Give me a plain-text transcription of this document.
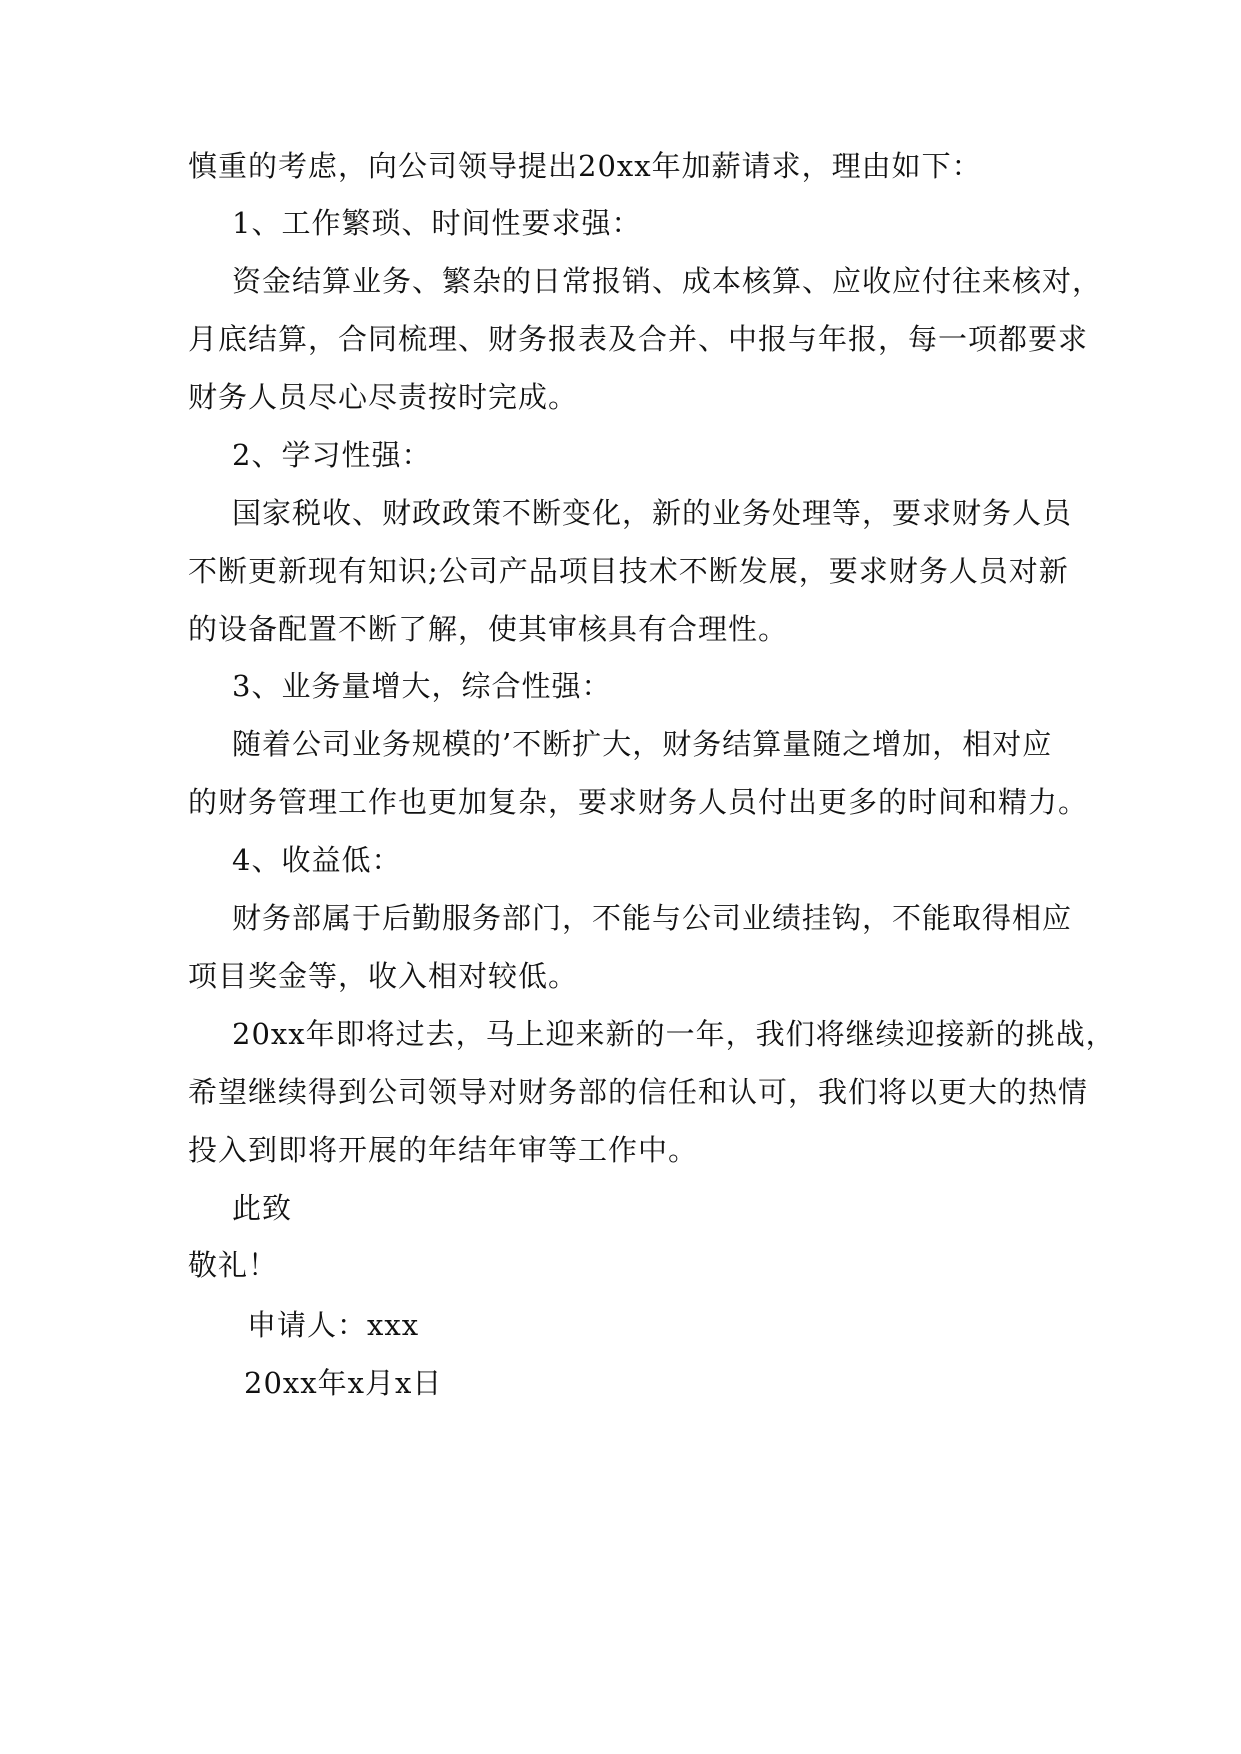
慎重的考虑，向公司领导提出20xx年加薪请求，理由如下：
1、工作繁琐、时间性要求强：
资金结算业务、繁杂的日常报销、成本核算、应收应付往来核对，
月底结算，合同梳理、财务报表及合并、中报与年报，每一项都要求
财务人员尽心尽责按时完成。
2、学习性强：
国家税收、财政政策不断变化，新的业务处理等，要求财务人员
不断更新现有知识;公司产品项目技术不断发展，要求财务人员对新
的设备配置不断了解，使其审核具有合理性。
3、业务量增大，综合性强：
随着公司业务规模的’不断扩大，财务结算量随之增加，相对应
的财务管理工作也更加复杂，要求财务人员付出更多的时间和精力。
4、收益低：
财务部属于后勤服务部门，不能与公司业绩挂钩，不能取得相应
项目奖金等，收入相对较低。
20xx年即将过去，马上迎来新的一年，我们将继续迎接新的挑战，
希望继续得到公司领导对财务部的信任和认可，我们将以更大的热情
投入到即将开展的年结年审等工作中。
此致
敬礼！
申请人：xxx
20xx年x月x日
